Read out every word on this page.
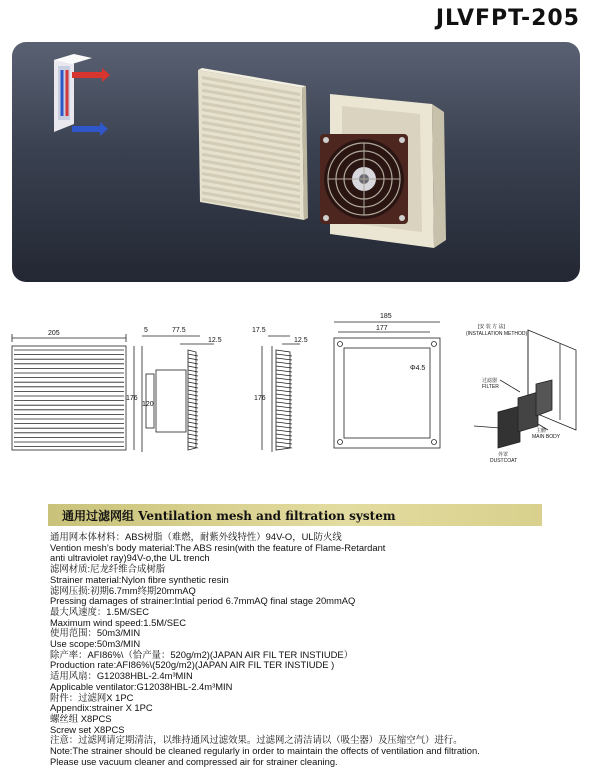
JLVFPT-205
205	5	77.5
12.5
176
120
17.5
12.5
176
185
177
Φ4.5
[安 装 方 法]
(INSTALLATION METHOD)
过滤器
FILTER
主體
MAIN BODY
外罩
DUSTCOAT
通用过滤网组 Ventilation mesh and filtration system
通用网本体材料：ABS树脂（难燃，耐紫外线特性）94V-O，UL防火线
Vention mesh’s body material:The ABS resin(with the feature of Flame-Retardant
anti ultraviolet ray)94V-o,the UL trench
滤网材质:尼龙纤维合成树脂
Strainer material:Nylon fibre synthetic resin
滤网压损:初期6.7mm终期20mmAQ
Pressing damages of strainer:Intial period 6.7mmAQ final stage 20mmAQ
最大风速度：1.5M/SEC
Maximum wind speed:1.5M/SEC
使用范围：50m3/MIN
Use scope:50m3/MIN
除产率：AFI86%\（恰产量：520g/m2)(JAPAN AIR FIL TER INSTIUDE）
Production rate:AFI86%\(520g/m2)(JAPAN AIR FIL TER INSTIUDE )
适用风扇：G12038HBL-2.4m³MIN
Applicable ventilator:G12038HBL-2.4m³MIN
附件：过滤网X 1PC
Appendix:strainer X 1PC
螺丝组 X8PCS
Screw set X8PCS
注意：过滤网请定期清洁，以维持通风过滤效果。过滤网之清洁请以（吸尘器）及压缩空气）进行。
Note:The strainer should be cleaned regularly in order to maintain the offects of ventilation and filtration.
Please use vacuum cleaner and compressed air for strainer cleaning.
